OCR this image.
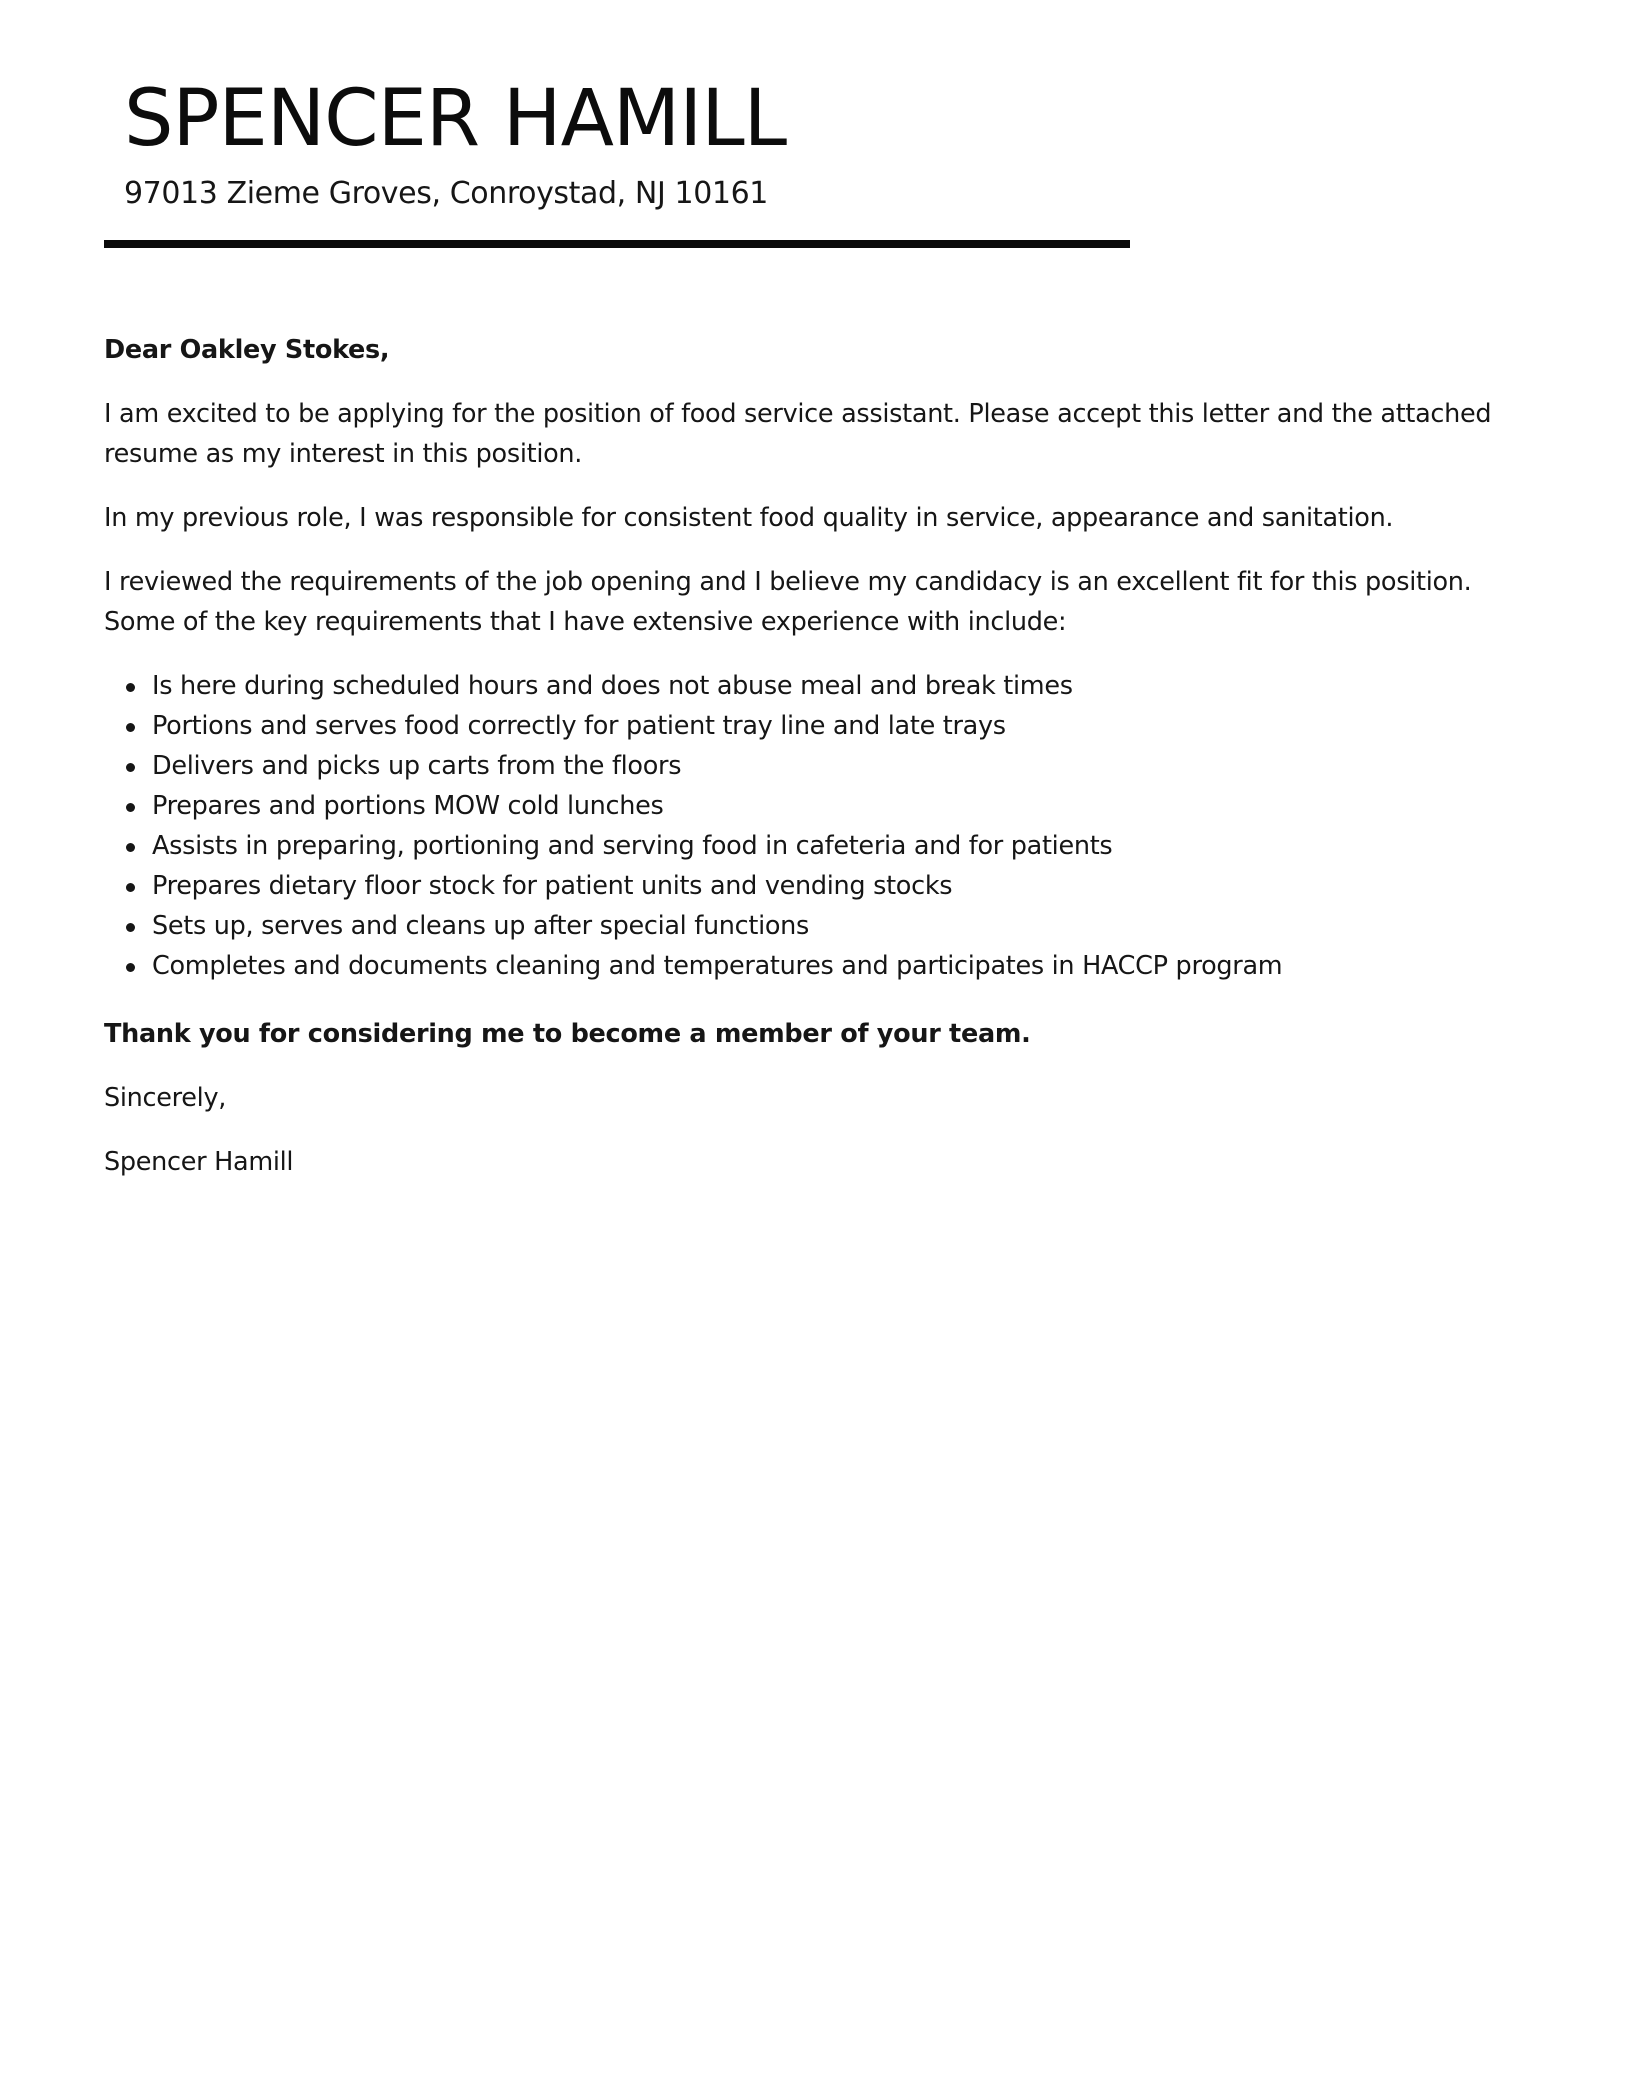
SPENCER HAMILL

97013 Zieme Groves, Conroystad, NJ 10161

Dear Oakley Stokes,

I am excited to be applying for the position of food service assistant. Please accept this letter and the attached resume as my interest in this position.

In my previous role, I was responsible for consistent food quality in service, appearance and sanitation.

I reviewed the requirements of the job opening and I believe my candidacy is an excellent fit for this position. Some of the key requirements that I have extensive experience with include:

Is here during scheduled hours and does not abuse meal and break times
Portions and serves food correctly for patient tray line and late trays
Delivers and picks up carts from the floors
Prepares and portions MOW cold lunches
Assists in preparing, portioning and serving food in cafeteria and for patients
Prepares dietary floor stock for patient units and vending stocks
Sets up, serves and cleans up after special functions
Completes and documents cleaning and temperatures and participates in HACCP program

Thank you for considering me to become a member of your team.

Sincerely,

Spencer Hamill
